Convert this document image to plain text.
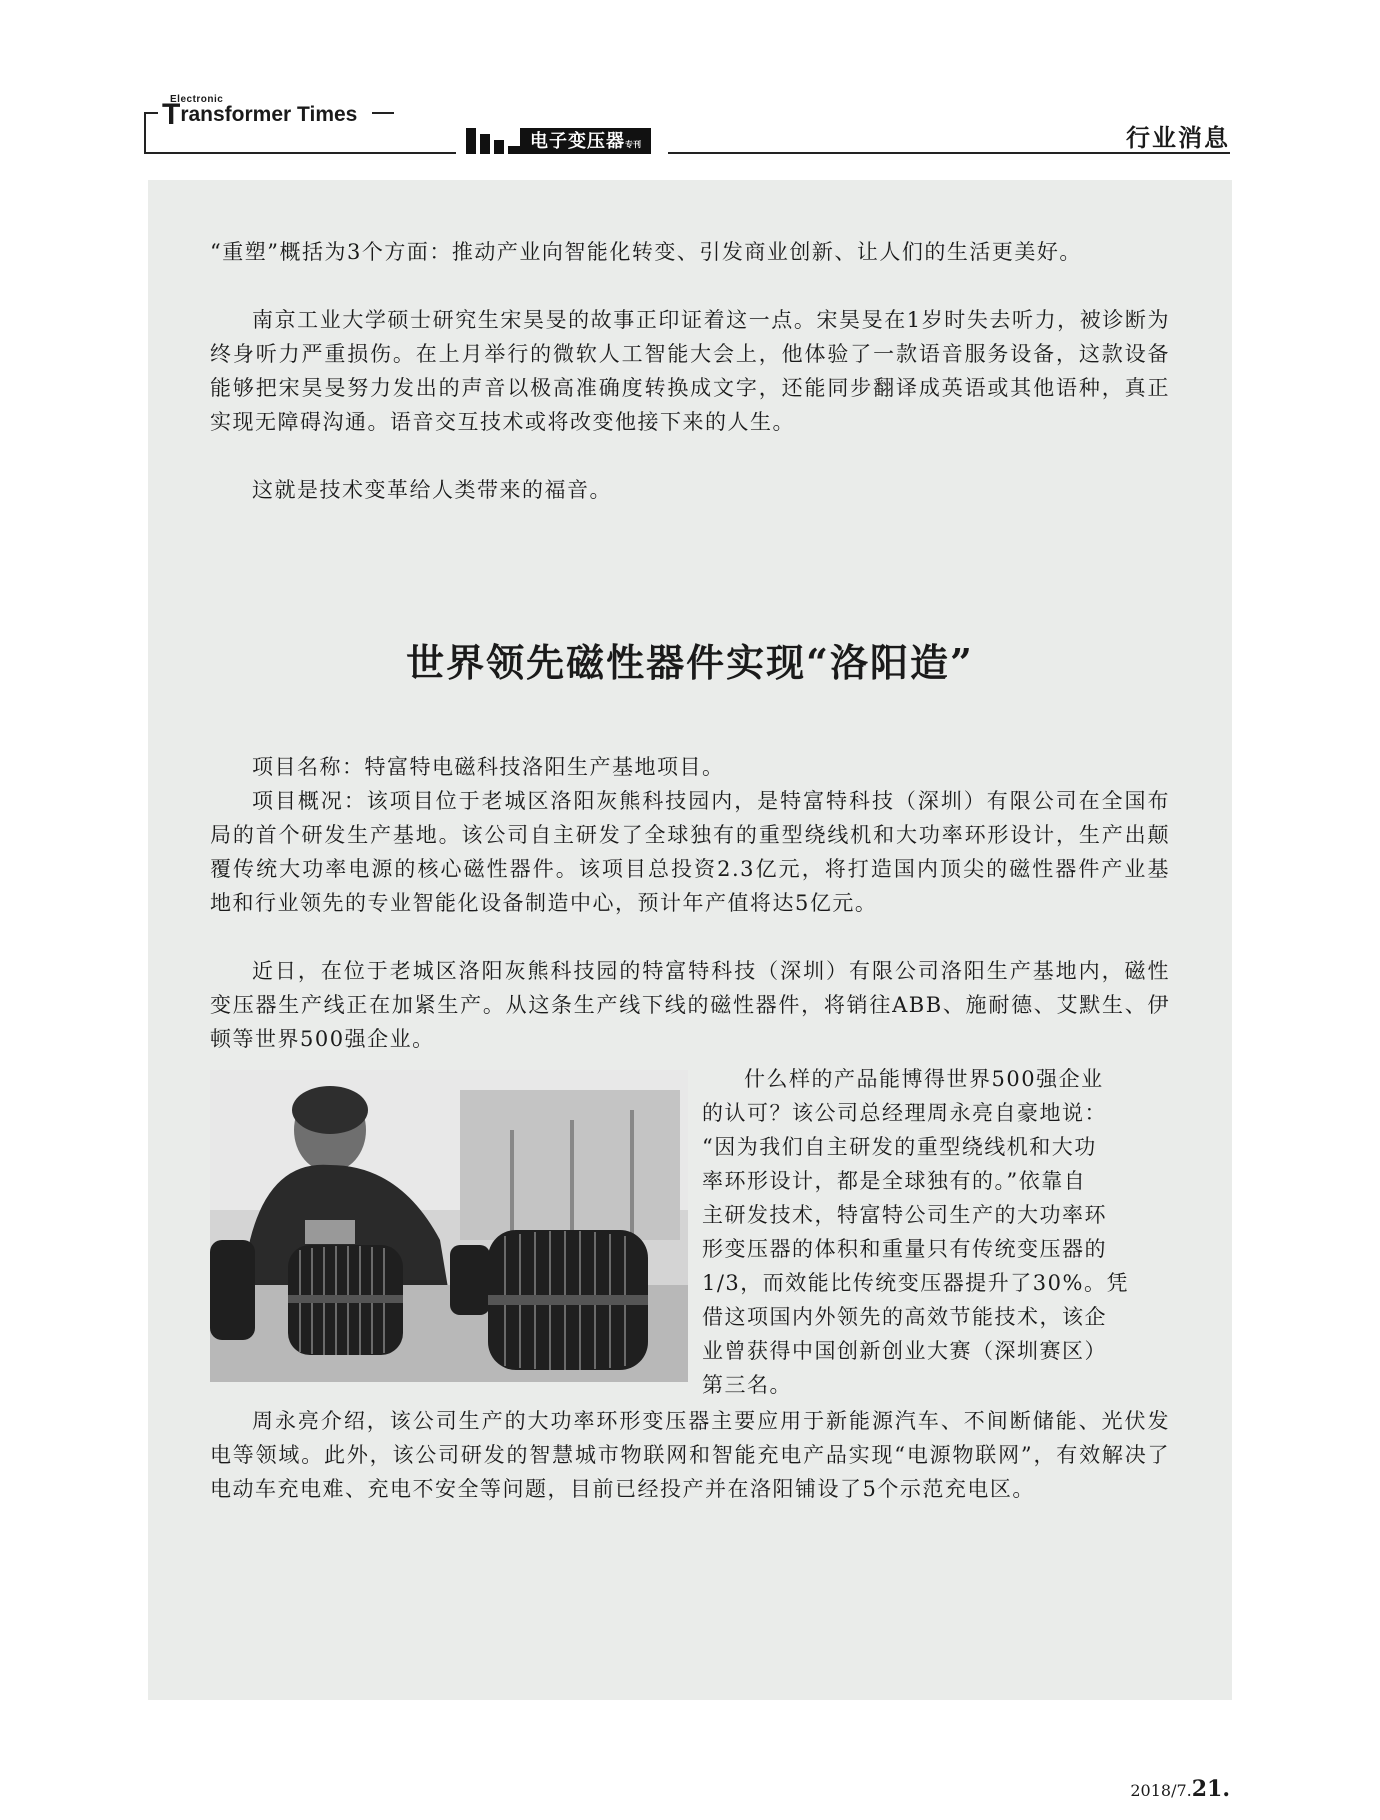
Electronic
Transformer Times
电子变压器专刊	行业消息

“重塑”概括为3个方面：推动产业向智能化转变、引发商业创新、让人们的生活更美好。

南京工业大学硕士研究生宋昊旻的故事正印证着这一点。宋昊旻在1岁时失去听力，被诊断为终身听力严重损伤。在上月举行的微软人工智能大会上，他体验了一款语音服务设备，这款设备能够把宋昊旻努力发出的声音以极高准确度转换成文字，还能同步翻译成英语或其他语种，真正实现无障碍沟通。语音交互技术或将改变他接下来的人生。

这就是技术变革给人类带来的福音。

世界领先磁性器件实现“洛阳造”

项目名称：特富特电磁科技洛阳生产基地项目。

项目概况：该项目位于老城区洛阳灰熊科技园内，是特富特科技（深圳）有限公司在全国布局的首个研发生产基地。该公司自主研发了全球独有的重型绕线机和大功率环形设计，生产出颠覆传统大功率电源的核心磁性器件。该项目总投资2.3亿元，将打造国内顶尖的磁性器件产业基地和行业领先的专业智能化设备制造中心，预计年产值将达5亿元。

近日，在位于老城区洛阳灰熊科技园的特富特科技（深圳）有限公司洛阳生产基地内，磁性变压器生产线正在加紧生产。从这条生产线下线的磁性器件，将销往ABB、施耐德、艾默生、伊顿等世界500强企业。

什么样的产品能博得世界500强企业
的认可？该公司总经理周永亮自豪地说：
“因为我们自主研发的重型绕线机和大功
率环形设计，都是全球独有的。”依靠自
主研发技术，特富特公司生产的大功率环
形变压器的体积和重量只有传统变压器的
1/3，而效能比传统变压器提升了30%。凭
借这项国内外领先的高效节能技术，该企
业曾获得中国创新创业大赛（深圳赛区）
第三名。

周永亮介绍，该公司生产的大功率环形变压器主要应用于新能源汽车、不间断储能、光伏发电等领域。此外，该公司研发的智慧城市物联网和智能充电产品实现“电源物联网”，有效解决了电动车充电难、充电不安全等问题，目前已经投产并在洛阳铺设了5个示范充电区。

2018/7.21.
